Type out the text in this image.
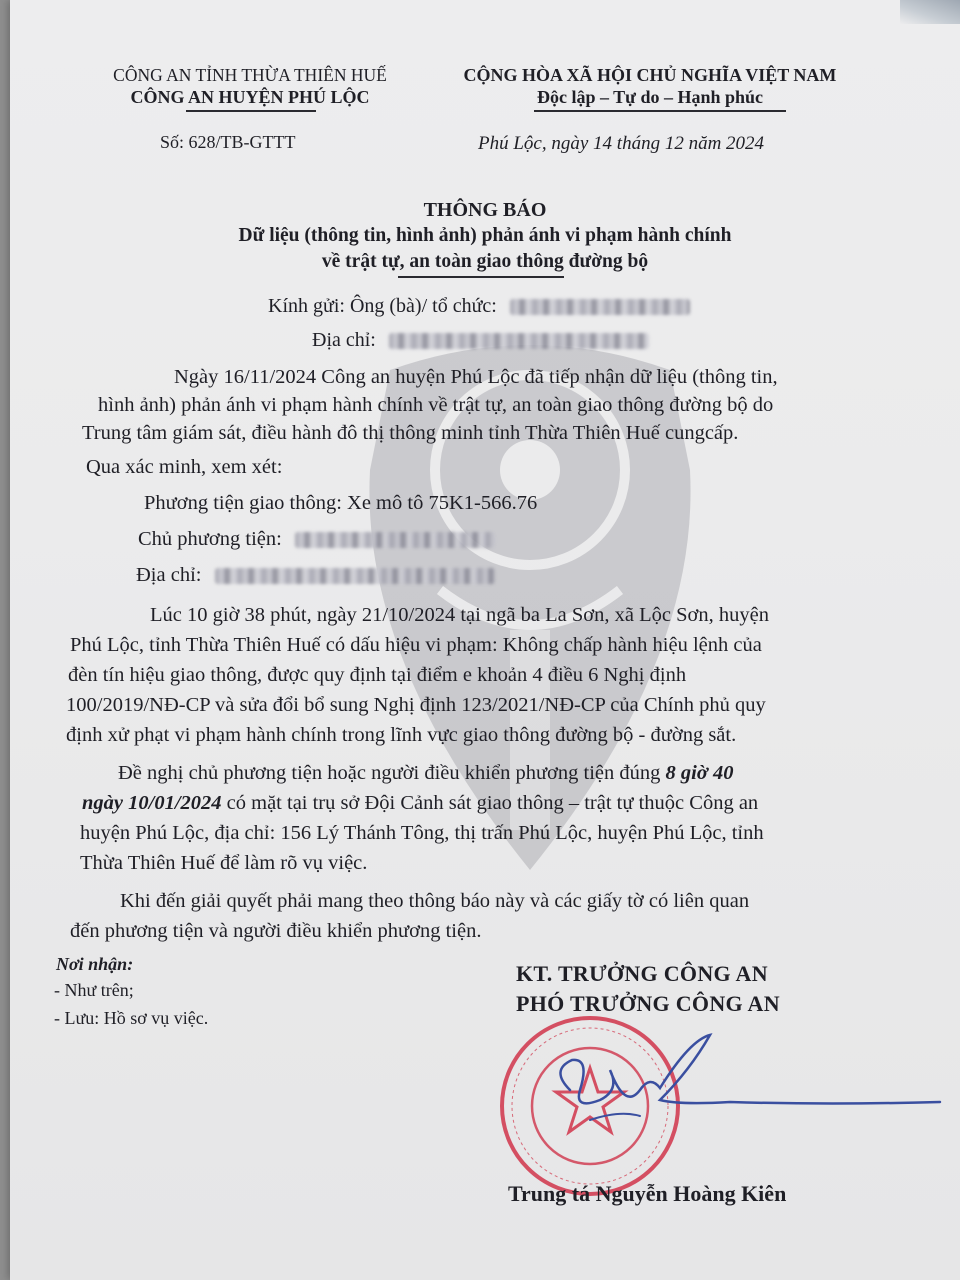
CÔNG AN TỈNH THỪA THIÊN HUẾ
CÔNG AN HUYỆN PHÚ LỘC
Số: 628/TB-GTTT
CỘNG HÒA XÃ HỘI CHỦ NGHĨA VIỆT NAM
Độc lập – Tự do – Hạnh phúc
Phú Lộc, ngày 14 tháng 12 năm 2024
THÔNG BÁO
Dữ liệu (thông tin, hình ảnh) phản ánh vi phạm hành chính
về trật tự, an toàn giao thông đường bộ
Kính gửi: Ông (bà)/ tổ chức:
Địa chỉ:
Ngày 16/11/2024 Công an huyện Phú Lộc đã tiếp nhận dữ liệu (thông tin,
hình ảnh) phản ánh vi phạm hành chính về trật tự, an toàn giao thông đường bộ do
Trung tâm giám sát, điều hành đô thị thông minh tỉnh Thừa Thiên Huế cungcấp.
Qua xác minh, xem xét:
Phương tiện giao thông: Xe mô tô 75K1-566.76
Chủ phương tiện:
Địa chỉ:
Lúc 10 giờ 38 phút, ngày 21/10/2024 tại ngã ba La Sơn, xã Lộc Sơn, huyện
Phú Lộc, tỉnh Thừa Thiên Huế có dấu hiệu vi phạm: Không chấp hành hiệu lệnh của
đèn tín hiệu giao thông, được quy định tại điểm e khoản 4 điều 6 Nghị định
100/2019/NĐ-CP và sửa đổi bổ sung Nghị định 123/2021/NĐ-CP của Chính phủ quy
định xử phạt vi phạm hành chính trong lĩnh vực giao thông đường bộ - đường sắt.
Đề nghị chủ phương tiện hoặc người điều khiển phương tiện đúng 8 giờ 40
ngày 10/01/2024 có mặt tại trụ sở Đội Cảnh sát giao thông – trật tự thuộc Công an
huyện Phú Lộc, địa chỉ: 156 Lý Thánh Tông, thị trấn Phú Lộc, huyện Phú Lộc, tỉnh
Thừa Thiên Huế để làm rõ vụ việc.
Khi đến giải quyết phải mang theo thông báo này và các giấy tờ có liên quan
đến phương tiện và người điều khiển phương tiện.
Nơi nhận:
- Như trên;
- Lưu: Hồ sơ vụ việc.
KT. TRƯỞNG CÔNG AN
PHÓ TRƯỞNG CÔNG AN
Trung tá Nguyễn Hoàng Kiên
